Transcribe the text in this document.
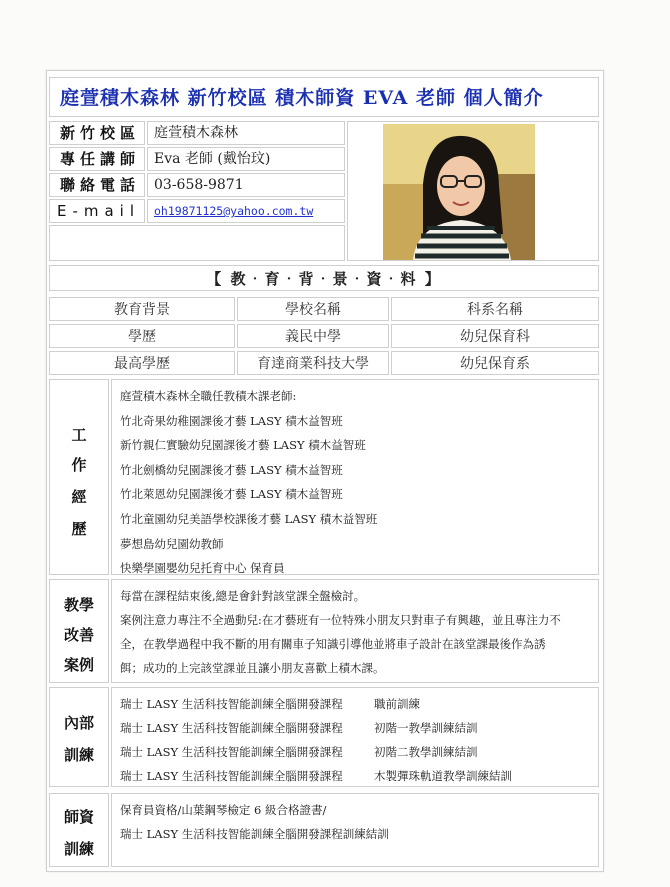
庭萱積木森林 新竹校區 積木師資 EVA 老師 個人簡介
新竹校區	庭萱積木森林
專任講師	Eva 老師 (戴怡玟)
聯絡電話	03-658-9871
E-mail	oh19871125@yahoo.com.tw
【 教‧育‧背‧景‧資‧料 】
教育背景	學校名稱	科系名稱
學歷	義民中學	幼兒保育科
最高學歷	育達商業科技大學	幼兒保育系
工
作
經
歷
庭萱積木森林全職任教積木課老師:
竹北奇果幼稚園課後才藝 LASY 積木益智班
新竹親仁實驗幼兒園課後才藝 LASY 積木益智班
竹北劍橋幼兒園課後才藝 LASY 積木益智班
竹北萊恩幼兒園課後才藝 LASY 積木益智班
竹北童園幼兒美語學校課後才藝 LASY 積木益智班
夢想島幼兒園幼教師
快樂學園嬰幼兒托育中心 保育員
教學
改善
案例
每當在課程結束後,總是會針對該堂課全盤檢討。
案例注意力專注不全過動兒:在才藝班有一位特殊小朋友只對車子有興趣，並且專注力不
全，在教學過程中我不斷的用有關車子知識引導他並將車子設計在該堂課最後作為誘
餌；成功的上完該堂課並且讓小朋友喜歡上積木課。
內部
訓練
瑞士 LASY 生活科技智能訓練全腦開發課程	職前訓練
瑞士 LASY 生活科技智能訓練全腦開發課程	初階一教學訓練結訓
瑞士 LASY 生活科技智能訓練全腦開發課程	初階二教學訓練結訓
瑞士 LASY 生活科技智能訓練全腦開發課程	木製彈珠軌道教學訓練結訓
師資
訓練
保育員資格/山葉鋼琴檢定 6 級合格證書/
瑞士 LASY 生活科技智能訓練全腦開發課程訓練結訓
